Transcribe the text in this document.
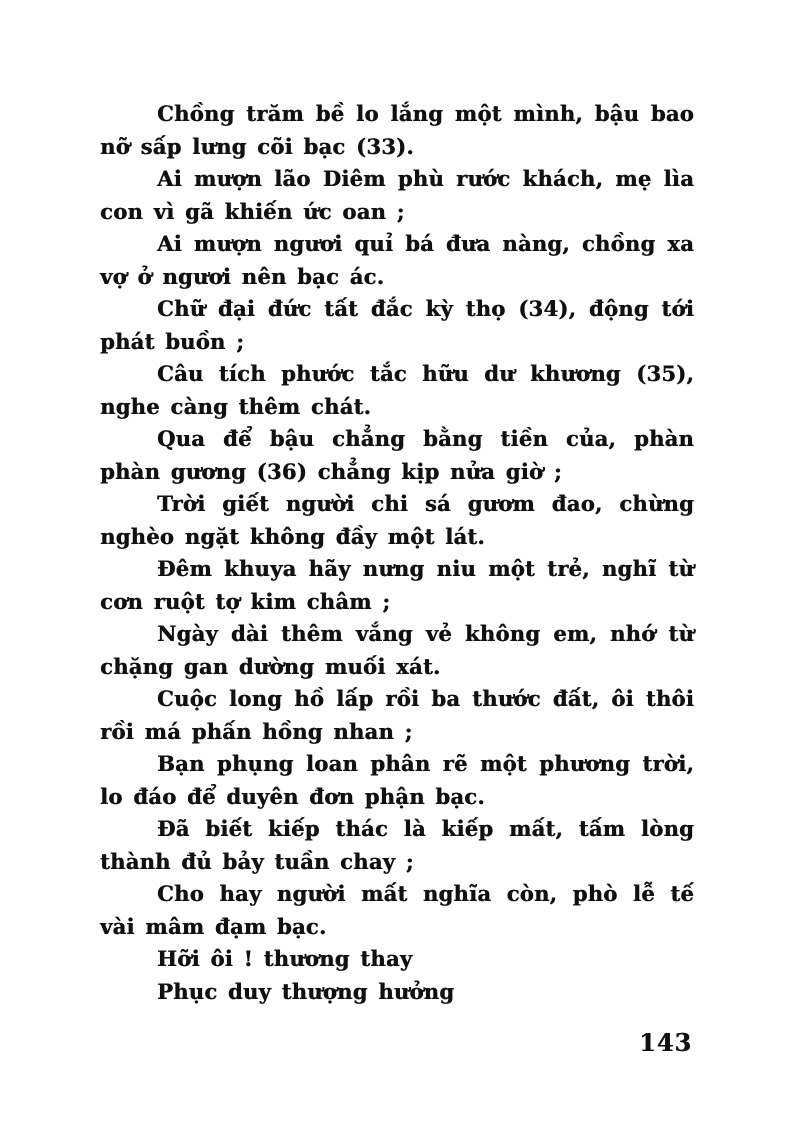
Chồng trăm bề lo lắng một mình, bậu bao nỡ sấp lưng cõi bạc (33).

Ai mượn lão Diêm phù rước khách, mẹ lìa con vì gã khiến ức oan ;

Ai mượn ngươi quỉ bá đưa nàng, chồng xa vợ ở ngươi nên bạc ác.

Chữ đại đức tất đắc kỳ thọ (34), động tới phát buồn ;

Câu tích phước tắc hữu dư khương (35), nghe càng thêm chát.

Qua để bậu chẳng bằng tiền của, phàn phàn gương (36) chẳng kịp nửa giờ ;

Trời giết người chi sá gươm đao, chừng nghèo ngặt không đầy một lát.

Đêm khuya hãy nưng niu một trẻ, nghĩ từ cơn ruột tợ kim châm ;

Ngày dài thêm vắng vẻ không em, nhớ từ chặng gan dường muối xát.

Cuộc long hồ lấp rồi ba thước đất, ôi thôi rồi má phấn hồng nhan ;

Bạn phụng loan phân rẽ một phương trời, lo đáo để duyên đơn phận bạc.

Đã biết kiếp thác là kiếp mất, tấm lòng thành đủ bảy tuần chay ;

Cho hay người mất nghĩa còn, phò lễ tế vài mâm đạm bạc.

Hỡi ôi ! thương thay

Phục duy thượng hưởng

143
